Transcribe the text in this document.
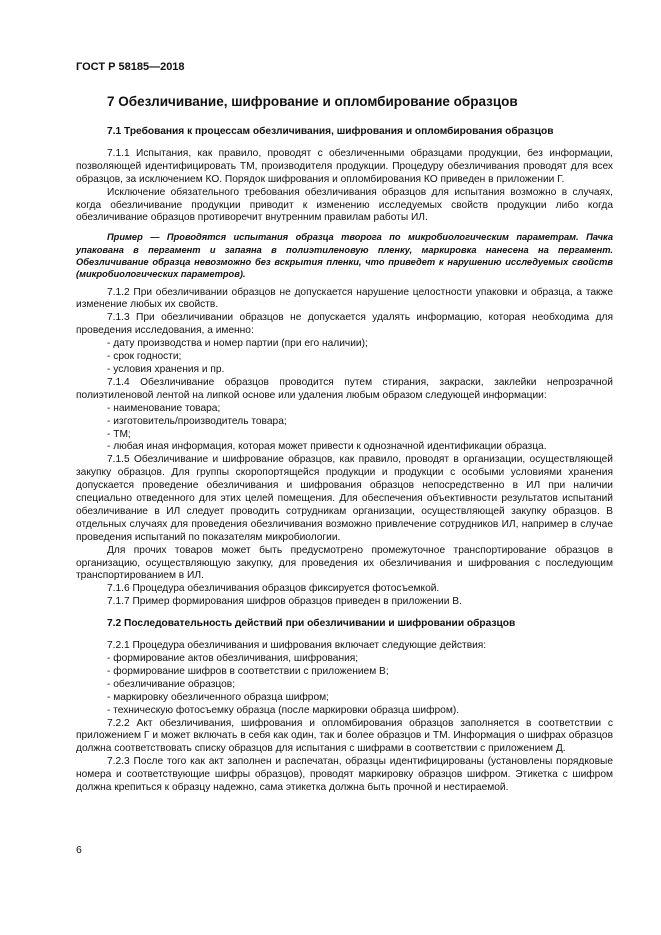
ГОСТ Р 58185—2018
7 Обезличивание, шифрование и опломбирование образцов

7.1 Требования к процессам обезличивания, шифрования и опломбирования образцов

7.1.1 Испытания, как правило, проводят с обезличенными образцами продукции, без информации, позволяющей идентифицировать ТМ, производителя продукции. Процедуру обезличивания проводят для всех образцов, за исключением КО. Порядок шифрования и опломбирования КО приведен в приложении Г.

Исключение обязательного требования обезличивания образцов для испытания возможно в случаях, когда обезличивание продукции приводит к изменению исследуемых свойств продукции либо когда обезличивание образцов противоречит внутренним правилам работы ИЛ.

Пример — Проводятся испытания образца творога по микробиологическим параметрам. Пачка упакована в пергамент и запаяна в полиэтиленовую пленку, маркировка нанесена на пергамент. Обезличивание образца невозможно без вскрытия пленки, что приведет к нарушению исследуемых свойств (микробиологических параметров).

7.1.2 При обезличивании образцов не допускается нарушение целостности упаковки и образца, а также изменение любых их свойств.

7.1.3 При обезличивании образцов не допускается удалять информацию, которая необходима для проведения исследования, а именно:

- дату производства и номер партии (при его наличии);

- срок годности;

- условия хранения и пр.

7.1.4 Обезличивание образцов проводится путем стирания, закраски, заклейки непрозрачной полиэтиленовой лентой на липкой основе или удаления любым образом следующей информации:

- наименование товара;

- изготовитель/производитель товара;

- ТМ;

- любая иная информация, которая может привести к однозначной идентификации образца.

7.1.5 Обезличивание и шифрование образцов, как правило, проводят в организации, осуществляющей закупку образцов. Для группы скоропортящейся продукции и продукции с особыми условиями хранения допускается проведение обезличивания и шифрования образцов непосредственно в ИЛ при наличии специально отведенного для этих целей помещения. Для обеспечения объективности результатов испытаний обезличивание в ИЛ следует проводить сотрудникам организации, осуществляющей закупку образцов. В отдельных случаях для проведения обезличивания возможно привлечение сотрудников ИЛ, например в случае проведения испытаний по показателям микробиологии.

Для прочих товаров может быть предусмотрено промежуточное транспортирование образцов в организацию, осуществляющую закупку, для проведения их обезличивания и шифрования с последующим транспортированием в ИЛ.

7.1.6 Процедура обезличивания образцов фиксируется фотосъемкой.

7.1.7 Пример формирования шифров образцов приведен в приложении В.

7.2 Последовательность действий при обезличивании и шифровании образцов

7.2.1 Процедура обезличивания и шифрования включает следующие действия:

- формирование актов обезличивания, шифрования;

- формирование шифров в соответствии с приложением В;

- обезличивание образцов;

- маркировку обезличенного образца шифром;

- техническую фотосъемку образца (после маркировки образца шифром).

7.2.2 Акт обезличивания, шифрования и опломбирования образцов заполняется в соответствии с приложением Г и может включать в себя как один, так и более образцов и ТМ. Информация о шифрах образцов должна соответствовать списку образцов для испытания с шифрами в соответствии с приложением Д.

7.2.3 После того как акт заполнен и распечатан, образцы идентифицированы (установлены порядковые номера и соответствующие шифры образцов), проводят маркировку образцов шифром. Этикетка с шифром должна крепиться к образцу надежно, сама этикетка должна быть прочной и нестираемой.

6
